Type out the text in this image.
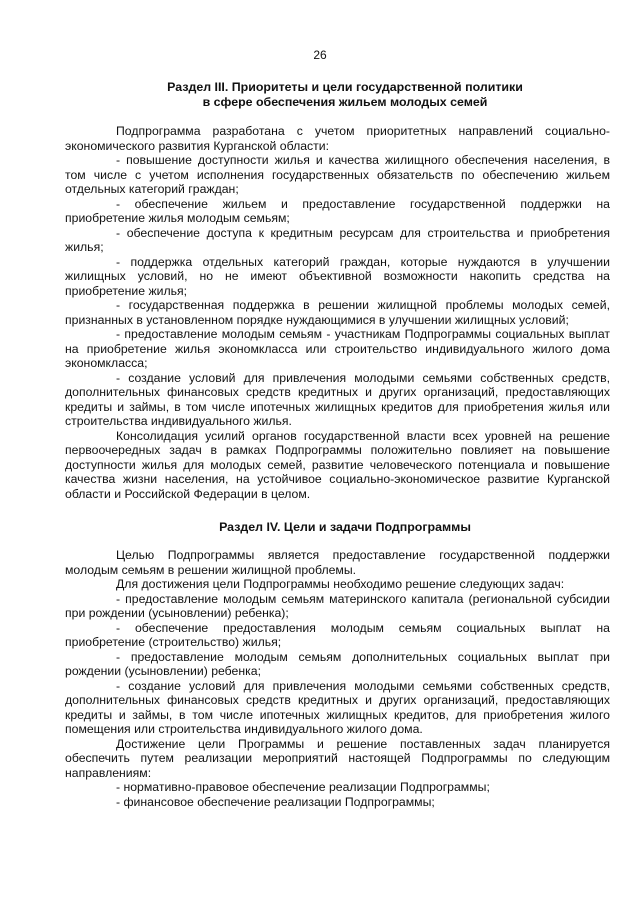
26
Раздел III. Приоритеты и цели государственной политики
в сфере обеспечения жильем молодых семей

Подпрограмма разработана с учетом приоритетных направлений социально-экономического развития Курганской области:

- повышение доступности жилья и качества жилищного обеспечения населения, в том числе с учетом исполнения государственных обязательств по обеспечению жильем отдельных категорий граждан;

- обеспечение жильем и предоставление государственной поддержки на приобретение жилья молодым семьям;

- обеспечение доступа к кредитным ресурсам для строительства и приобретения жилья;

- поддержка отдельных категорий граждан, которые нуждаются в улучшении жилищных условий, но не имеют объективной возможности накопить средства на приобретение жилья;

- государственная поддержка в решении жилищной проблемы молодых семей, признанных в установленном порядке нуждающимися в улучшении жилищных условий;

- предоставление молодым семьям - участникам Подпрограммы социальных выплат на приобретение жилья экономкласса или строительство индивидуального жилого дома экономкласса;

- создание условий для привлечения молодыми семьями собственных средств, дополнительных финансовых средств кредитных и других организаций, предоставляющих кредиты и займы, в том числе ипотечных жилищных кредитов для приобретения жилья или строительства индивидуального жилья.

Консолидация усилий органов государственной власти всех уровней на решение первоочередных задач в рамках Подпрограммы положительно повлияет на повышение доступности жилья для молодых семей, развитие человеческого потенциала и повышение качества жизни населения, на устойчивое социально-экономическое развитие Курганской области и Российской Федерации в целом.

Раздел IV. Цели и задачи Подпрограммы

Целью Подпрограммы является предоставление государственной поддержки молодым семьям в решении жилищной проблемы.

Для достижения цели Подпрограммы необходимо решение следующих задач:

- предоставление молодым семьям материнского капитала (региональной субсидии при рождении (усыновлении) ребенка);

- обеспечение предоставления молодым семьям социальных выплат на приобретение (строительство) жилья;

- предоставление молодым семьям дополнительных социальных выплат при рождении (усыновлении) ребенка;

- создание условий для привлечения молодыми семьями собственных средств, дополнительных финансовых средств кредитных и других организаций, предоставляющих кредиты и займы, в том числе ипотечных жилищных кредитов, для приобретения жилого помещения или строительства индивидуального жилого дома.

Достижение цели Программы и решение поставленных задач планируется обеспечить путем реализации мероприятий настоящей Подпрограммы по следующим направлениям:

- нормативно-правовое обеспечение реализации Подпрограммы;

- финансовое обеспечение реализации Подпрограммы;
